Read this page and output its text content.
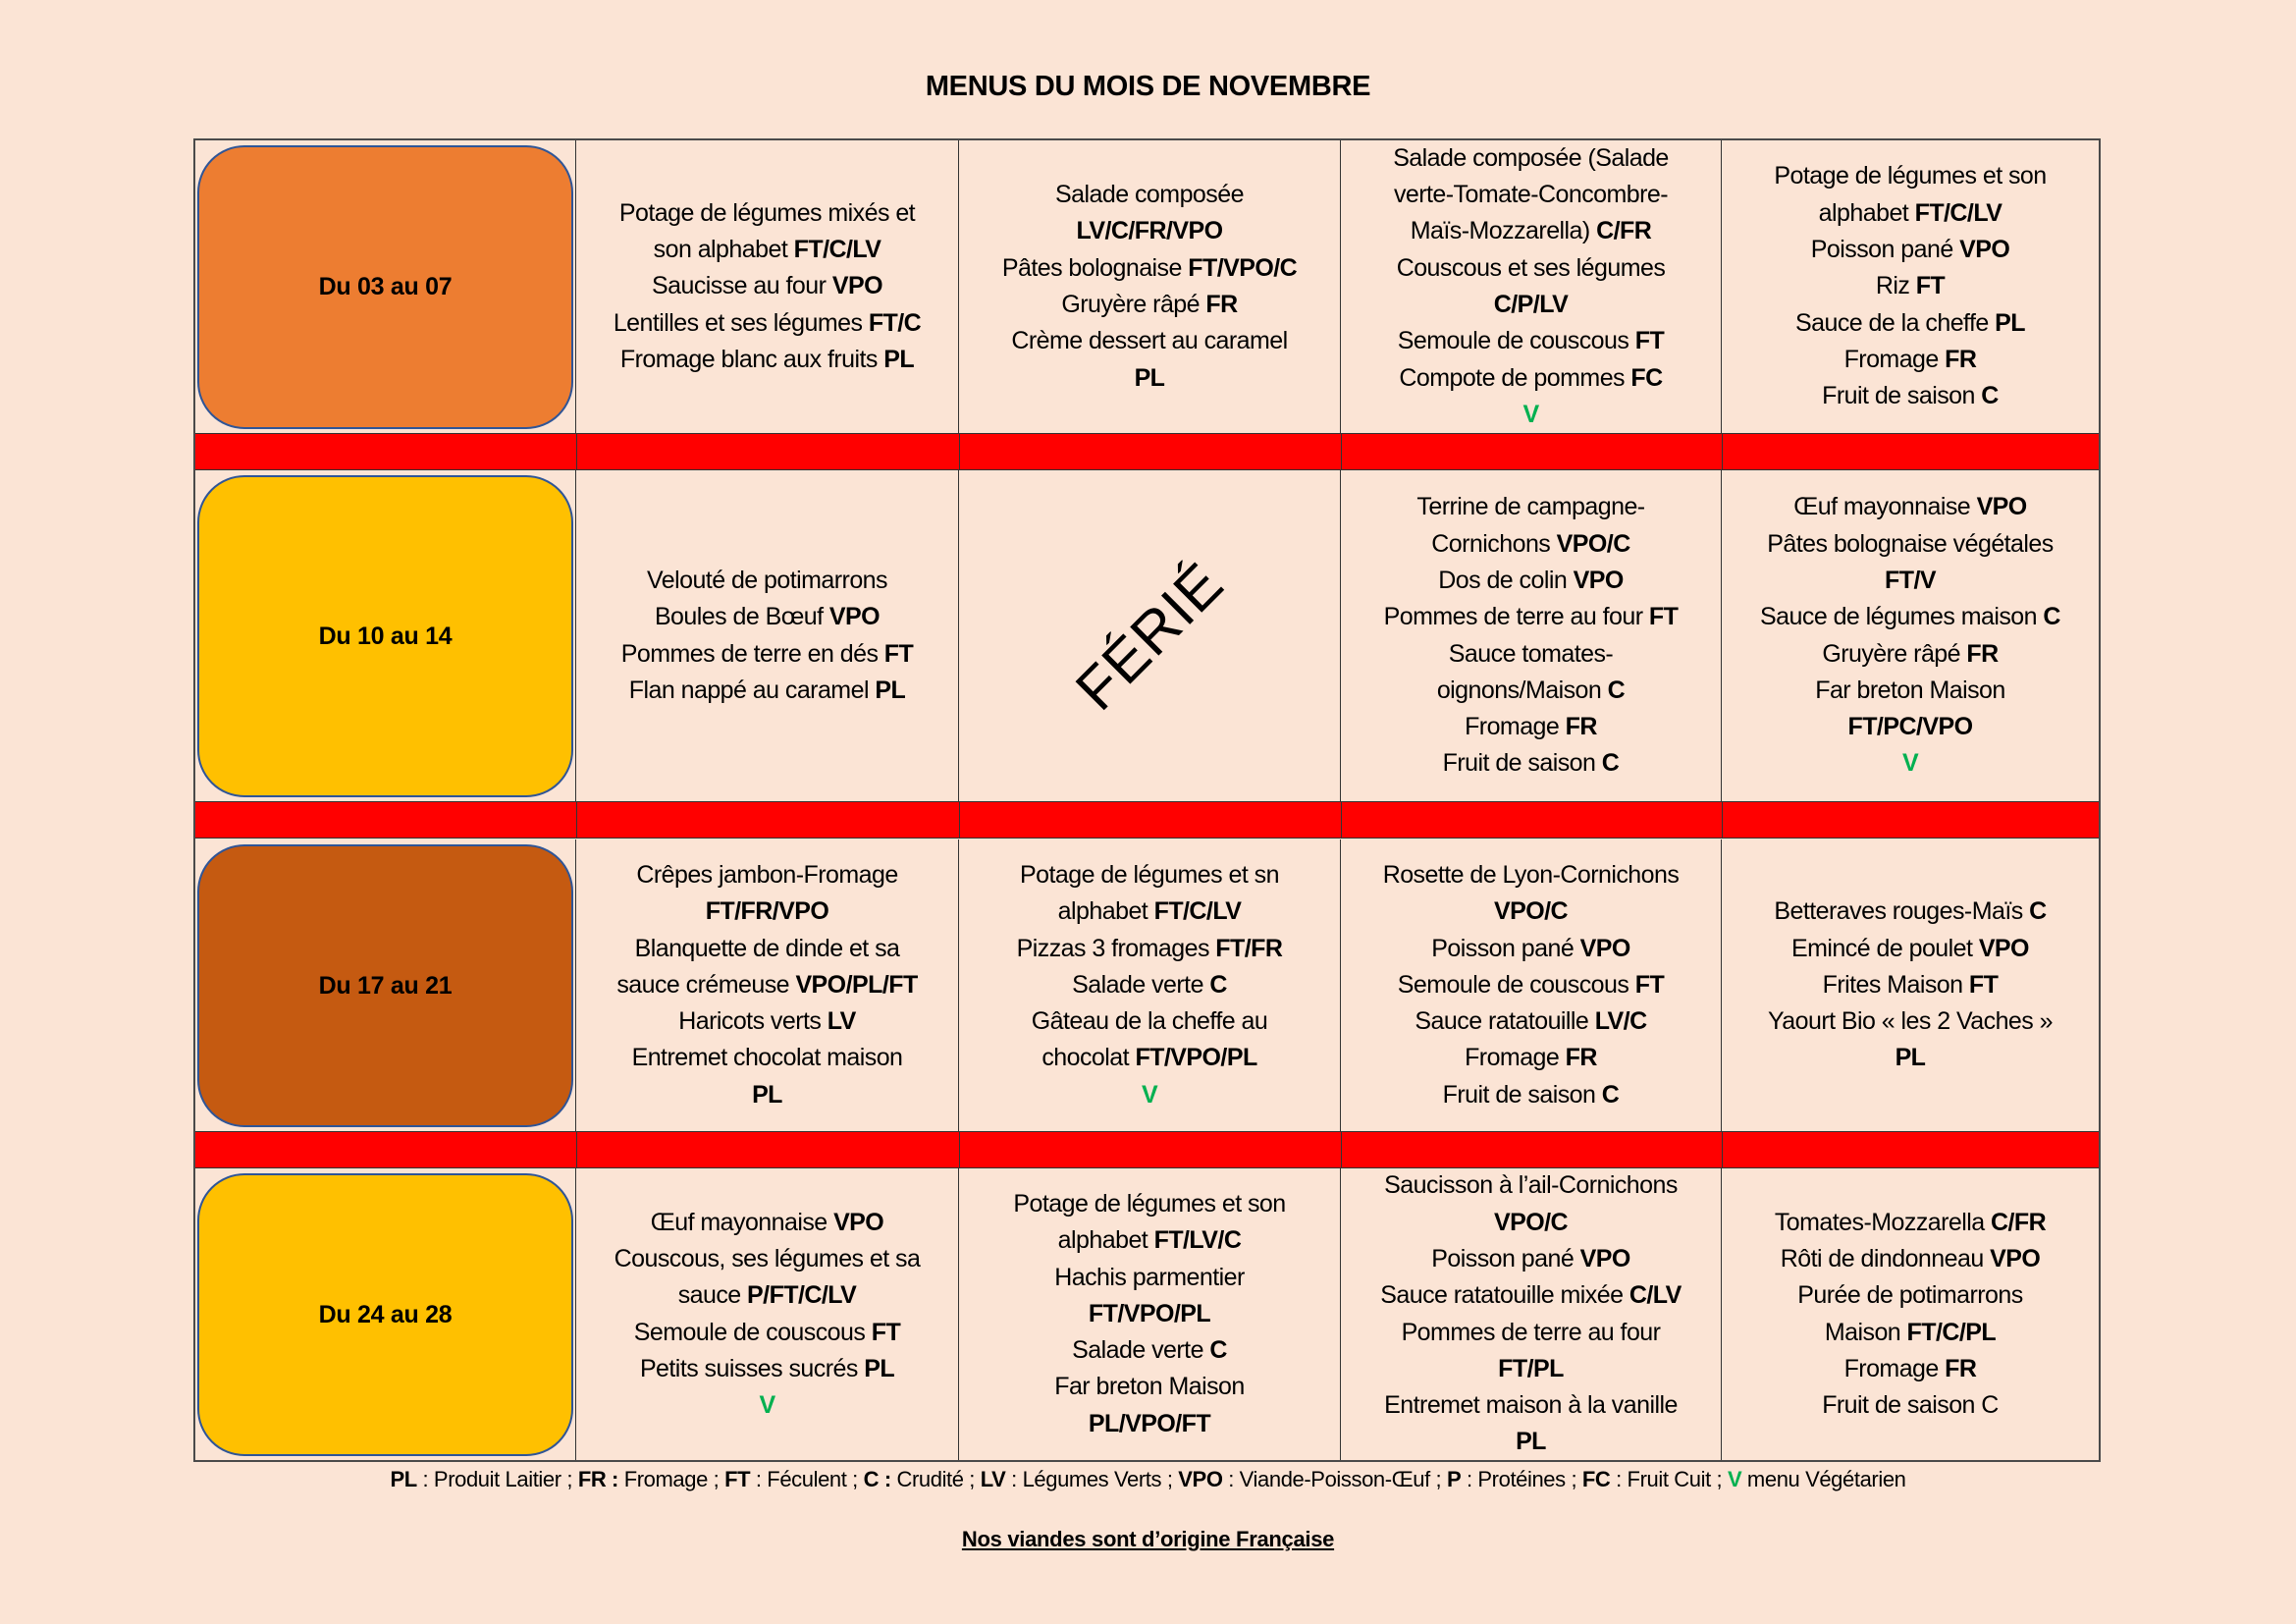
MENUS DU MOIS DE NOVEMBRE
Du 03 au 07
Potage de légumes mixés et
son alphabet FT/C/LV
Saucisse au four VPO
Lentilles et ses légumes FT/C
Fromage blanc aux fruits PL
Salade composée
LV/C/FR/VPO
Pâtes bolognaise FT/VPO/C
Gruyère râpé FR
Crème dessert au caramel
PL
Salade composée (Salade
verte-Tomate-Concombre-
Maïs-Mozzarella) C/FR
Couscous et ses légumes
C/P/LV
Semoule de couscous FT
Compote de pommes FC
V
Potage de légumes et son
alphabet FT/C/LV
Poisson pané VPO
Riz FT
Sauce de la cheffe PL
Fromage FR
Fruit de saison C
Du 10 au 14
Velouté de potimarrons
Boules de Bœuf VPO
Pommes de terre en dés FT
Flan nappé au caramel PL	FÉRIÉ
Terrine de campagne-
Cornichons VPO/C
Dos de colin VPO
Pommes de terre au four FT
Sauce tomates-
oignons/Maison C
Fromage FR
Fruit de saison C
Œuf mayonnaise VPO
Pâtes bolognaise végétales
FT/V
Sauce de légumes maison C
Gruyère râpé FR
Far breton Maison
FT/PC/VPO
V
Du 17 au 21
Crêpes jambon-Fromage
FT/FR/VPO
Blanquette de dinde et sa
sauce crémeuse VPO/PL/FT
Haricots verts LV
Entremet chocolat maison
PL
Potage de légumes et sn
alphabet FT/C/LV
Pizzas 3 fromages FT/FR
Salade verte C
Gâteau de la cheffe au
chocolat FT/VPO/PL
V
Rosette de Lyon-Cornichons
VPO/C
Poisson pané VPO
Semoule de couscous FT
Sauce ratatouille LV/C
Fromage FR
Fruit de saison C
Betteraves rouges-Maïs C
Emincé de poulet VPO
Frites Maison FT
Yaourt Bio « les 2 Vaches »
PL
Du 24 au 28
Œuf mayonnaise VPO
Couscous, ses légumes et sa
sauce P/FT/C/LV
Semoule de couscous FT
Petits suisses sucrés PL
V
Potage de légumes et son
alphabet FT/LV/C
Hachis parmentier
FT/VPO/PL
Salade verte C
Far breton Maison
PL/VPO/FT
Saucisson à l’ail-Cornichons
VPO/C
Poisson pané VPO
Sauce ratatouille mixée C/LV
Pommes de terre au four
FT/PL
Entremet maison à la vanille
PL
Tomates-Mozzarella C/FR
Rôti de dindonneau VPO
Purée de potimarrons
Maison FT/C/PL
Fromage FR
Fruit de saison C
PL : Produit Laitier ; FR : Fromage ; FT : Féculent ; C : Crudité ; LV : Légumes Verts ; VPO : Viande-Poisson-Œuf ; P : Protéines ; FC : Fruit Cuit ; V menu Végétarien
Nos viandes sont d’origine Française
